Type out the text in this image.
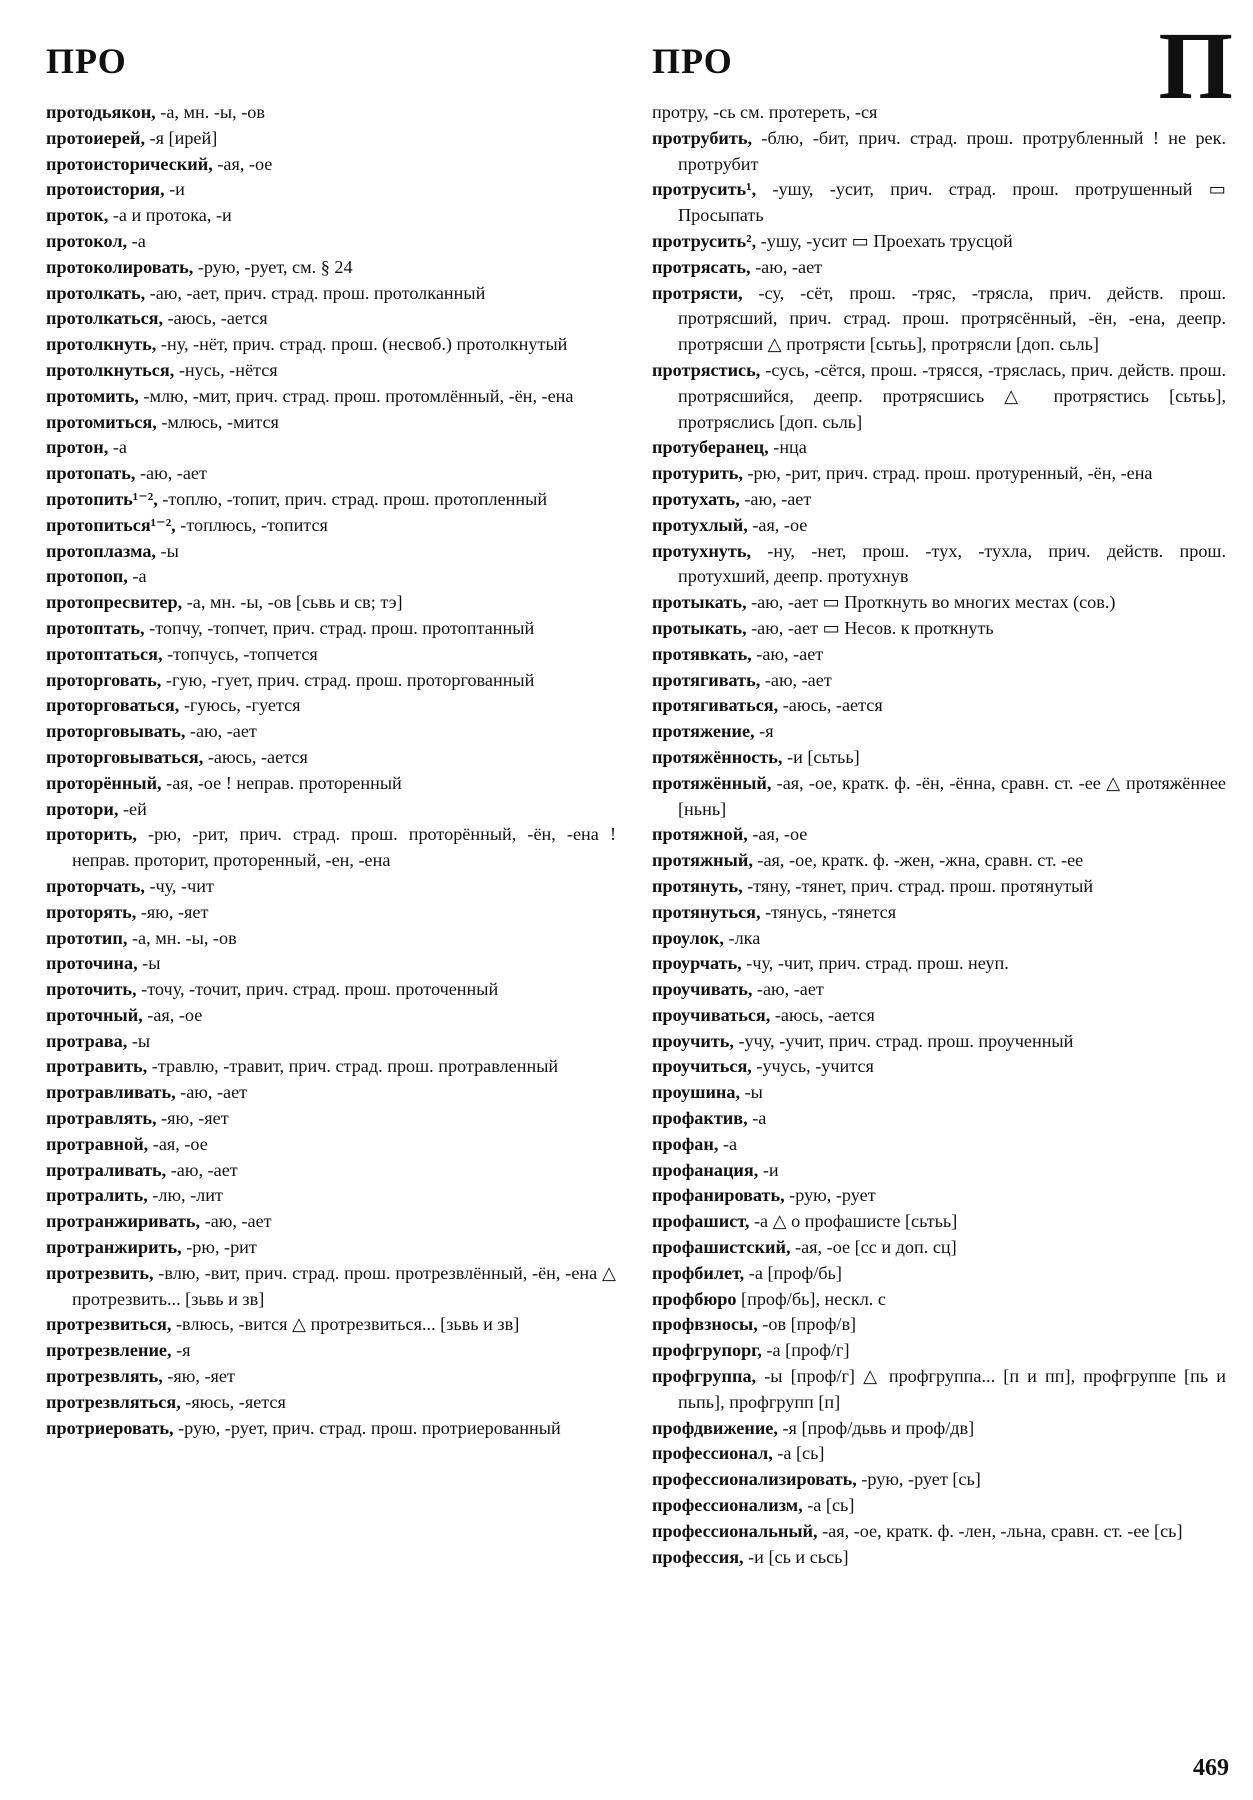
ПРО	ПРО	П

протодьякон, -а, мн. -ы, -ов

протоиерей, -я [ирей]

протоисторический, -ая, -ое

протоистория, -и

проток, -а и протока, -и

протокол, -а

протоколировать, -рую, -рует, см. § 24

протолкать, -аю, -ает, прич. страд. прош. протолканный

протолкаться, -аюсь, -ается

протолкнуть, -ну, -нёт, прич. страд. прош. (несвоб.) протолкнутый

протолкнуться, -нусь, -нётся

протомить, -млю, -мит, прич. страд. прош. протомлённый, -ён, -ена

протомиться, -млюсь, -мится

протон, -а

протопать, -аю, -ает

протопить¹⁻², -топлю, -топит, прич. страд. прош. протопленный

протопиться¹⁻², -топлюсь, -топится

протоплазма, -ы

протопоп, -а

протопресвитер, -а, мн. -ы, -ов [сьвь и св; тэ]

протоптать, -топчу, -топчет, прич. страд. прош. протоптанный

протоптаться, -топчусь, -топчется

проторговать, -гую, -гует, прич. страд. прош. проторгованный

проторговаться, -гуюсь, -гуется

проторговывать, -аю, -ает

проторговываться, -аюсь, -ается

проторённый, -ая, -ое ! неправ. проторенный

протори, -ей

проторить, -рю, -рит, прич. страд. прош. проторённый, -ён, -ена ! неправ. проторит, проторенный, -ен, -ена

проторчать, -чу, -чит

проторять, -яю, -яет

прототип, -а, мн. -ы, -ов

проточина, -ы

проточить, -точу, -точит, прич. страд. прош. проточенный

проточный, -ая, -ое

протрава, -ы

протравить, -травлю, -травит, прич. страд. прош. протравленный

протравливать, -аю, -ает

протравлять, -яю, -яет

протравной, -ая, -ое

протраливать, -аю, -ает

протралить, -лю, -лит

протранжиривать, -аю, -ает

протранжирить, -рю, -рит

протрезвить, -влю, -вит, прич. страд. прош. протрезвлённый, -ён, -ена △ протрезвить... [зьвь и зв]

протрезвиться, -влюсь, -вится △ протрезвиться... [зьвь и зв]

протрезвление, -я

протрезвлять, -яю, -яет

протрезвляться, -яюсь, -яется

протриеровать, -рую, -рует, прич. страд. прош. протриерованный

протру, -сь см. протереть, -ся

протрубить, -блю, -бит, прич. страд. прош. протрубленный ! не рек. протрубит

протрусить¹, -ушу, -усит, прич. страд. прош. протрушенный ▭ Просыпать

протрусить², -ушу, -усит ▭ Проехать трусцой

протрясать, -аю, -ает

протрясти, -су, -сёт, прош. -тряс, -трясла, прич. действ. прош. протрясший, прич. страд. прош. протрясённый, -ён, -ена, деепр. протрясши △ протрясти [сьтьь], протрясли [доп. сьль]

протрястись, -сусь, -сётся, прош. -трясся, -тряслась, прич. действ. прош. протрясшийся, деепр. протрясшись △ протрястись [сьтьь], протряслись [доп. сьль]

протуберанец, -нца

протурить, -рю, -рит, прич. страд. прош. протуренный, -ён, -ена

протухать, -аю, -ает

протухлый, -ая, -ое

протухнуть, -ну, -нет, прош. -тух, -тухла, прич. действ. прош. протухший, деепр. протухнув

протыкать, -аю, -ает ▭ Проткнуть во многих местах (сов.)

протыкать, -аю, -ает ▭ Несов. к проткнуть

протявкать, -аю, -ает

протягивать, -аю, -ает

протягиваться, -аюсь, -ается

протяжение, -я

протяжённость, -и [сьтьь]

протяжённый, -ая, -ое, кратк. ф. -ён, -ённа, сравн. ст. -ее △ протяжённее [ньнь]

протяжной, -ая, -ое

протяжный, -ая, -ое, кратк. ф. -жен, -жна, сравн. ст. -ее

протянуть, -тяну, -тянет, прич. страд. прош. протянутый

протянуться, -тянусь, -тянется

проулок, -лка

проурчать, -чу, -чит, прич. страд. прош. неуп.

проучивать, -аю, -ает

проучиваться, -аюсь, -ается

проучить, -учу, -учит, прич. страд. прош. проученный

проучиться, -учусь, -учится

проушина, -ы

профактив, -а

профан, -а

профанация, -и

профанировать, -рую, -рует

профашист, -а △ о профашисте [сьтьь]

профашистский, -ая, -ое [сс и доп. сц]

профбилет, -а [проф/бь]

профбюро [проф/бь], нескл. с

профвзносы, -ов [проф/в]

профгрупорг, -а [проф/г]

профгруппа, -ы [проф/г] △ профгруппа... [п и пп], профгруппе [пь и пьпь], профгрупп [п]

профдвижение, -я [проф/дьвь и проф/дв]

профессионал, -а [сь]

профессионализировать, -рую, -рует [сь]

профессионализм, -а [сь]

профессиональный, -ая, -ое, кратк. ф. -лен, -льна, сравн. ст. -ее [сь]

профессия, -и [сь и сьсь]

469
